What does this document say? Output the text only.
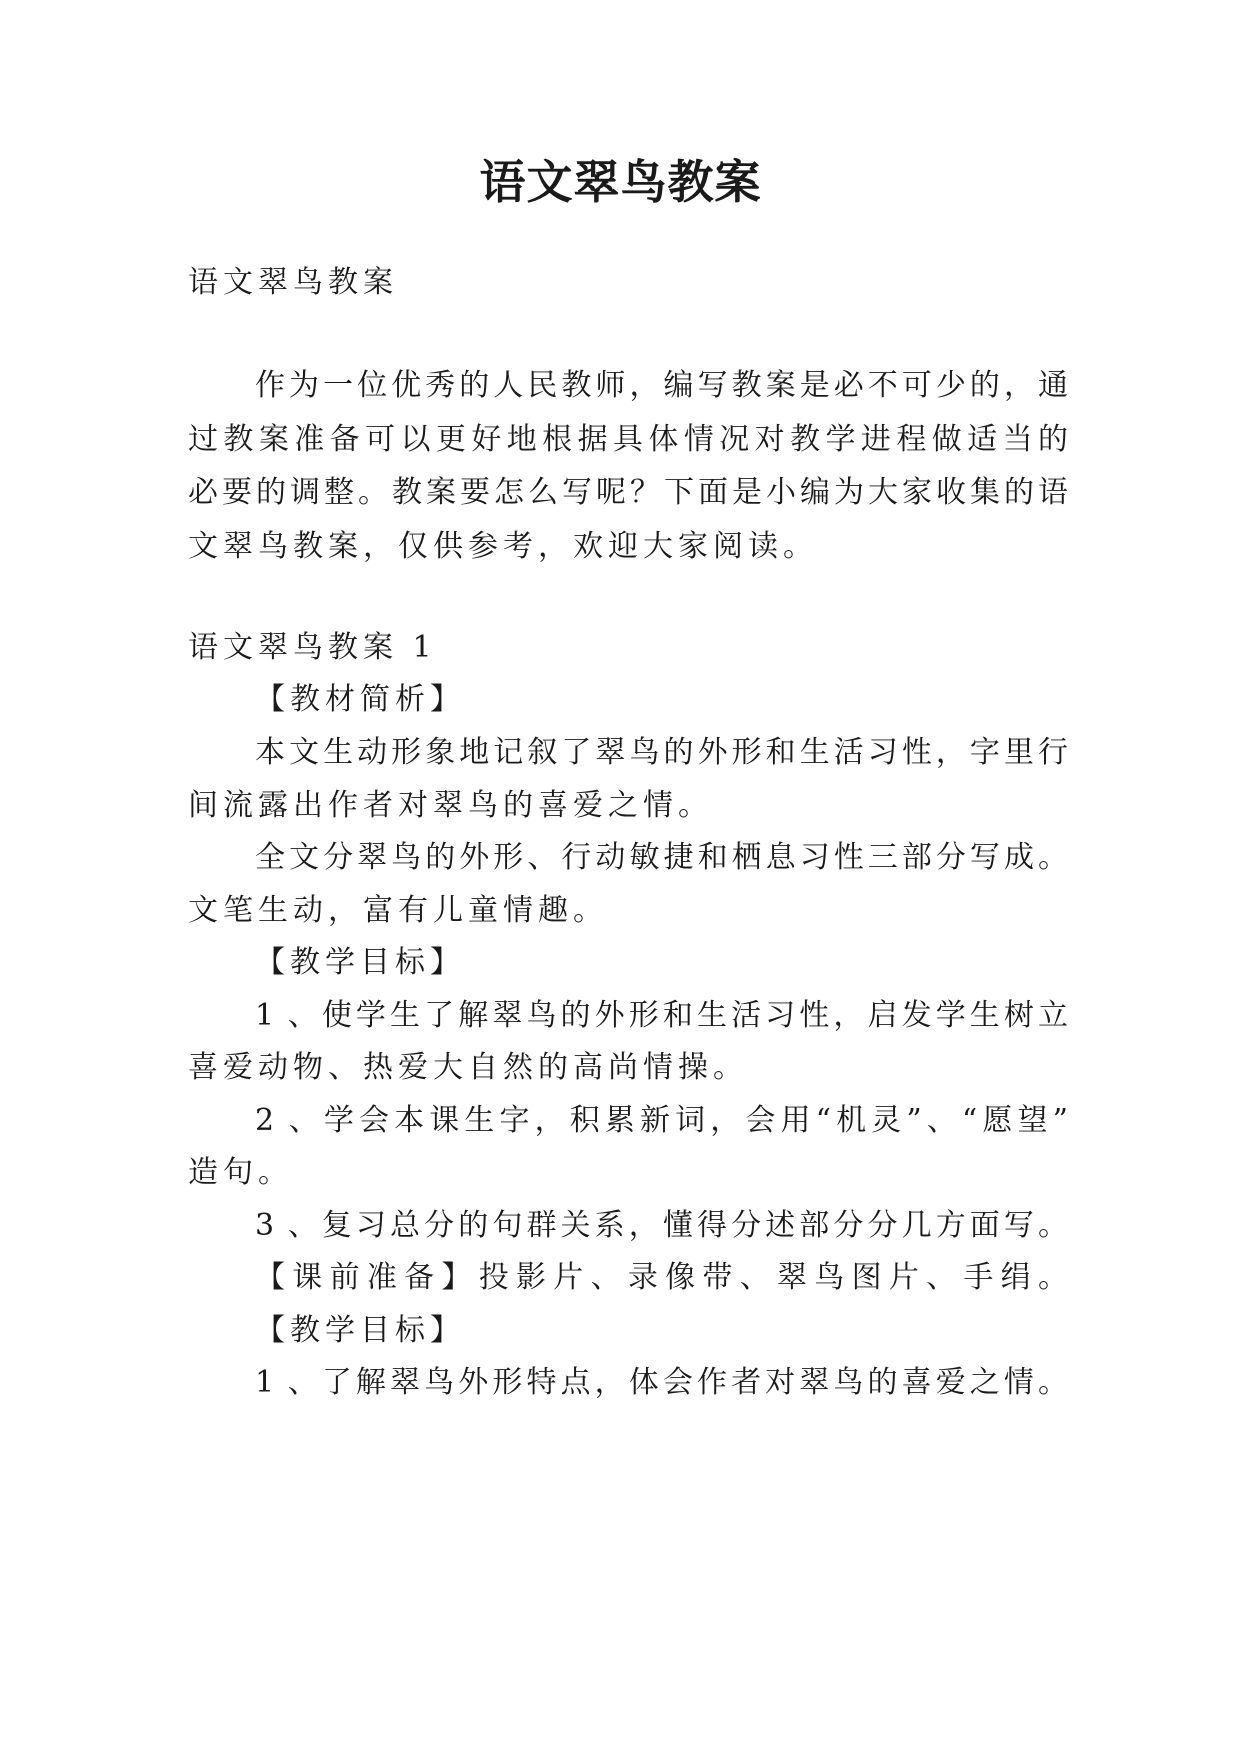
语文翠鸟教案
语文翠鸟教案
作为一位优秀的人民教师，编写教案是必不可少的，通
过教案准备可以更好地根据具体情况对教学进程做适当的
必要的调整。教案要怎么写呢？下面是小编为大家收集的语
文翠鸟教案，仅供参考，欢迎大家阅读。
语文翠鸟教案 1
【教材简析】
本文生动形象地记叙了翠鸟的外形和生活习性，字里行
间流露出作者对翠鸟的喜爱之情。
全文分翠鸟的外形、行动敏捷和栖息习性三部分写成。
文笔生动，富有儿童情趣。
【教学目标】
1 、使学生了解翠鸟的外形和生活习性，启发学生树立
喜爱动物、热爱大自然的高尚情操。
2 、学会本课生字，积累新词，会用“机灵”、“愿望”
造句。
3 、复习总分的句群关系，懂得分述部分分几方面写。
【课前准备】投影片、录像带、翠鸟图片、手绢。
【教学目标】
1 、了解翠鸟外形特点，体会作者对翠鸟的喜爱之情。
